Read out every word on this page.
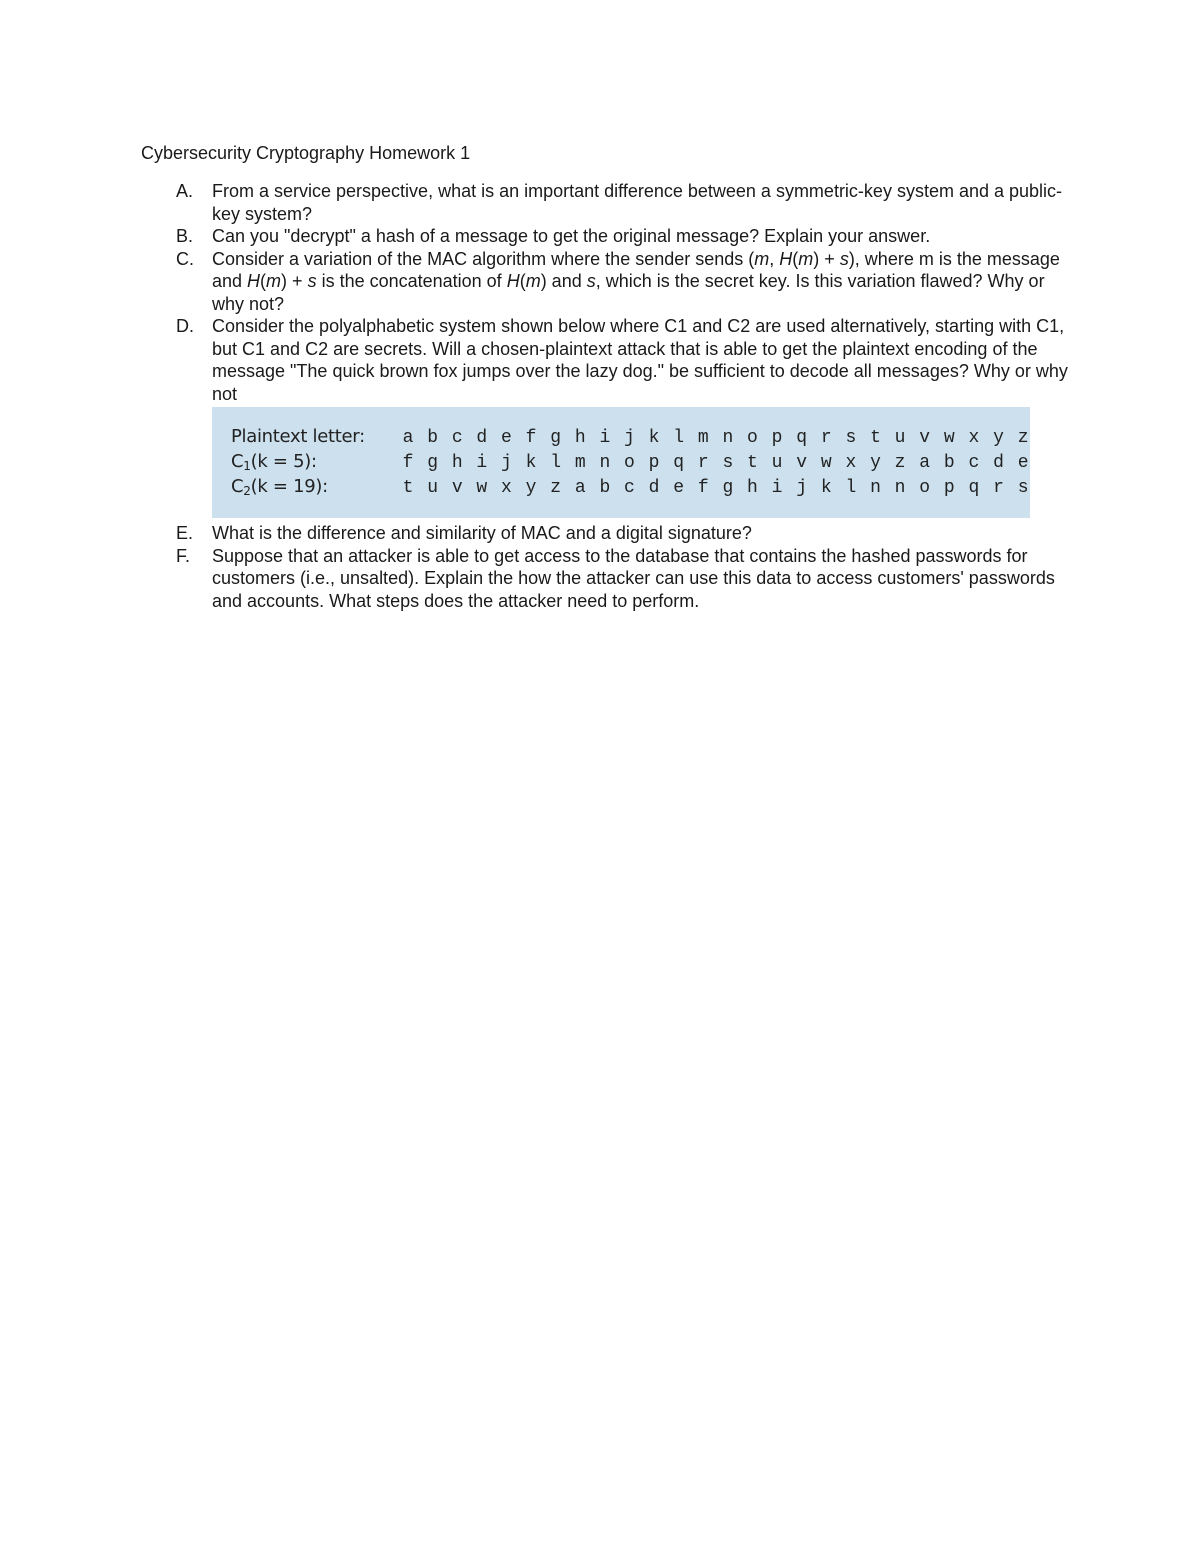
Cybersecurity Cryptography Homework 1
A. From a service perspective, what is an important difference between a symmetric-key system and a public-key system?
B. Can you "decrypt" a hash of a message to get the original message? Explain your answer.
C. Consider a variation of the MAC algorithm where the sender sends (m, H(m) + s), where m is the message and H(m) + s is the concatenation of H(m) and s, which is the secret key. Is this variation flawed? Why or why not?
D. Consider the polyalphabetic system shown below where C1 and C2 are used alternatively, starting with C1, but C1 and C2 are secrets. Will a chosen-plaintext attack that is able to get the plaintext encoding of the message "The quick brown fox jumps over the lazy dog." be sufficient to decode all messages? Why or why not
Plaintext letter:	a b c d e f g h i j k l m n o p q r s t u v w x y z
$C_1(k = 5)$:	f g h i j k l m n o p q r s t u v w x y z a b c d e
$C_2(k = 19)$:	t u v w x y z a b c d e f g h i j k l n n o p q r s
E. What is the difference and similarity of MAC and a digital signature?
F. Suppose that an attacker is able to get access to the database that contains the hashed passwords for customers (i.e., unsalted). Explain the how the attacker can use this data to access customers' passwords and accounts. What steps does the attacker need to perform.
